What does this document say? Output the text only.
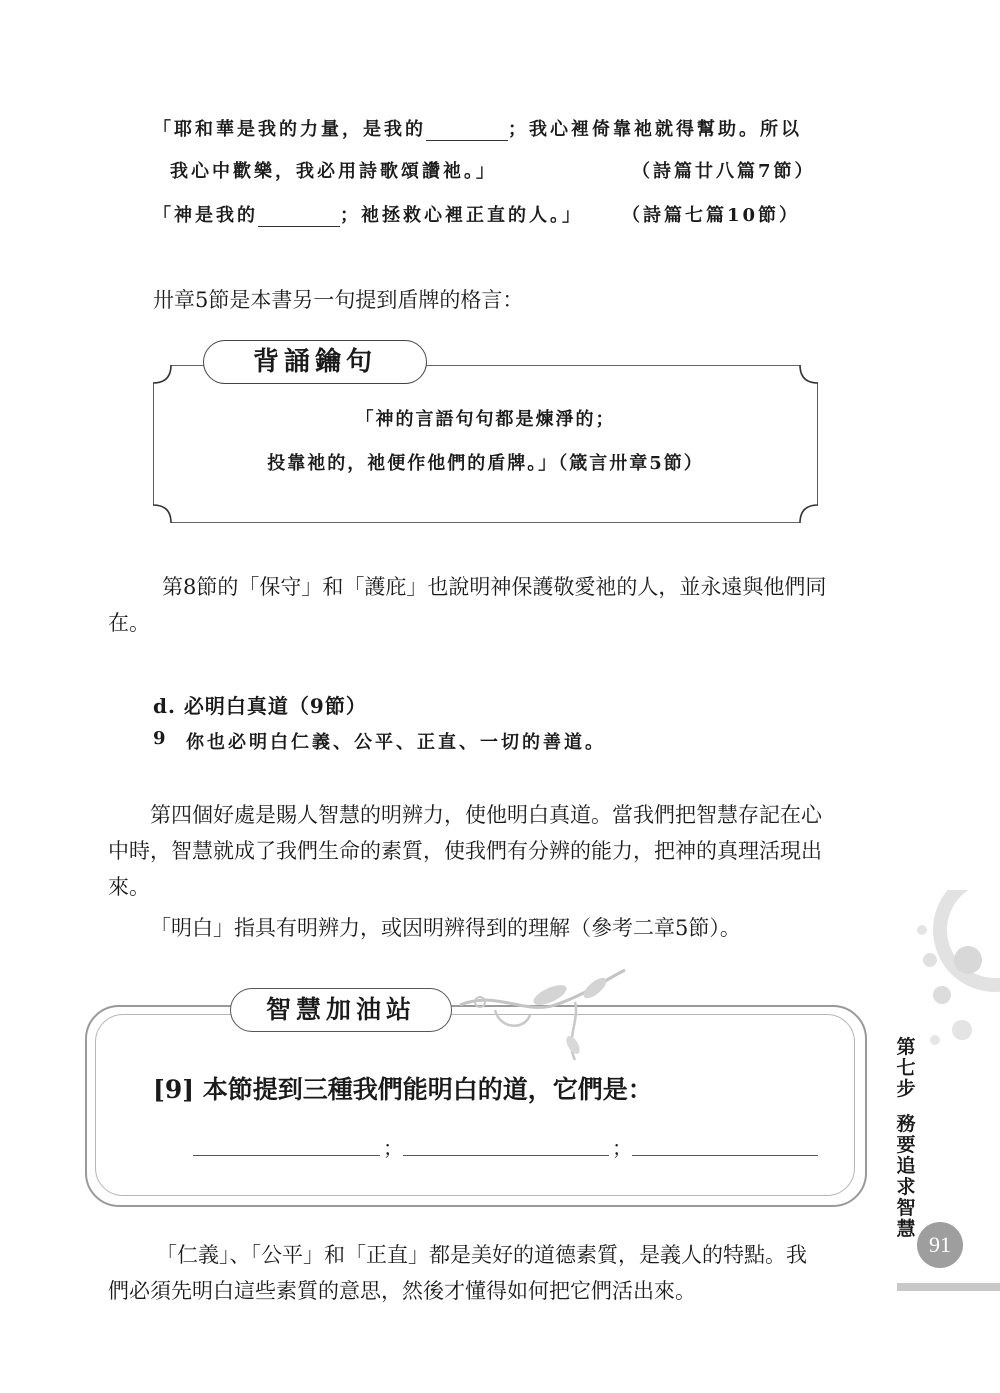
「耶和華是我的力量，是我的	；我心裡倚靠祂就得幫助。所以
我心中歡樂，我必用詩歌頌讚祂。」	（詩篇廿八篇7節）
「神是我的	；祂拯救心裡正直的人。」 （詩篇七篇10節）
卅章5節是本書另一句提到盾牌的格言：
背誦鑰句
「神的言語句句都是煉淨的；
投靠祂的，祂便作他們的盾牌。」（箴言卅章5節）
第8節的「保守」和「護庇」也說明神保護敬愛祂的人，並永遠與他們同
在。
d. 必明白真道（9節）
9 你也必明白仁義、公平、正直、一切的善道。
第四個好處是賜人智慧的明辨力，使他明白真道。當我們把智慧存記在心
中時，智慧就成了我們生命的素質，使我們有分辨的能力，把神的真理活現出
來。
「明白」指具有明辨力，或因明辨得到的理解（參考二章5節）。
智慧加油站
[9] 本節提到三種我們能明白的道，它們是：
；	；
「仁義」、「公平」和「正直」都是美好的道德素質，是義人的特點。我
們必須先明白這些素質的意思，然後才懂得如何把它們活出來。
第
七
步
務
要
追
求
智
慧
91
